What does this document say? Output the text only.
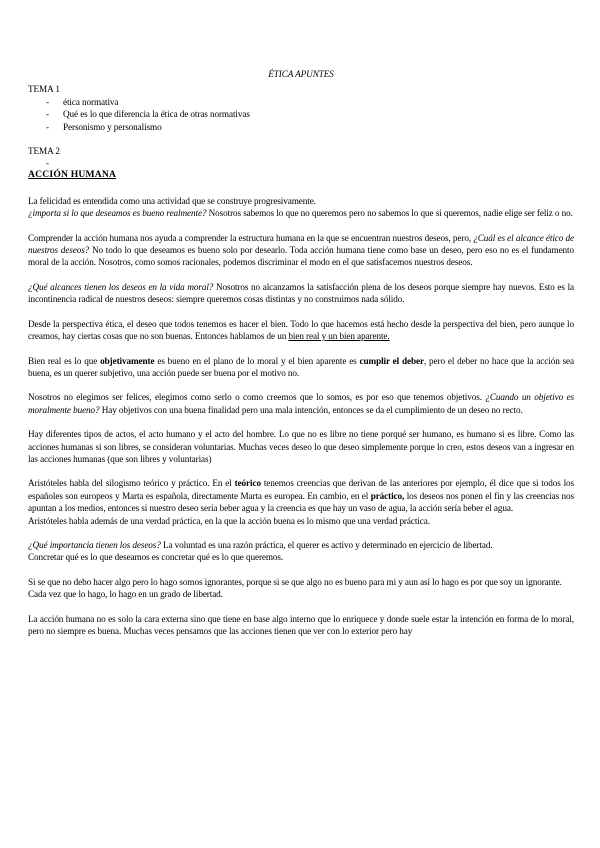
ÉTICA APUNTES
TEMA 1
- ética normativa
- Qué es lo que diferencia la ética de otras normativas
- Personismo y personalismo
TEMA 2
ACCIÓN HUMANA

La felicidad es entendida como una actividad que se construye progresivamente.
¿importa si lo que deseamos es bueno realmente? Nosotros sabemos lo que no queremos pero no sabemos lo que sí queremos, nadie elige ser feliz o no.

Comprender la acción humana nos ayuda a comprender la estructura humana en la que se encuentran nuestros deseos, pero, ¿Cuál es el alcance ético de nuestros deseos? No todo lo que deseamos es bueno solo por desearlo. Toda acción humana tiene como base un deseo, pero eso no es el fundamento moral de la acción. Nosotros, como somos racionales, podemos discriminar el modo en el que satisfacemos nuestros deseos.

¿Qué alcances tienen los deseos en la vida moral? Nosotros no alcanzamos la satisfacción plena de los deseos porque siempre hay nuevos. Esto es la incontinencia radical de nuestros deseos: siempre queremos cosas distintas y no construimos nada sólido.

Desde la perspectiva ética, el deseo que todos tenemos es hacer el bien. Todo lo que hacemos está hecho desde la perspectiva del bien, pero aunque lo creamos, hay ciertas cosas que no son buenas. Entonces hablamos de un bien real y un bien aparente.

Bien real es lo que objetivamente es bueno en el plano de lo moral y el bien aparente es cumplir el deber, pero el deber no hace que la acción sea buena, es un querer subjetivo, una acción puede ser buena por el motivo no.

Nosotros no elegimos ser felices, elegimos como serlo o como creemos que lo somos, es por eso que tenemos objetivos. ¿Cuando un objetivo es moralmente bueno? Hay objetivos con una buena finalidad pero una mala intención, entonces se da el cumplimiento de un deseo no recto.

Hay diferentes tipos de actos, el acto humano y el acto del hombre. Lo que no es libre no tiene porqué ser humano, es humano si es libre. Como las acciones humanas si son libres, se consideran voluntarias. Muchas veces deseo lo que deseo simplemente porque lo creo, estos deseos van a ingresar en las acciones humanas (que son libres y voluntarias)

Aristóteles habla del silogismo teórico y práctico. En el teórico tenemos creencias que derivan de las anteriores por ejemplo, él dice que si todos los españoles son europeos y Marta es española, directamente Marta es europea. En cambio, en el práctico, los deseos nos ponen el fin y las creencias nos apuntan a los medios, entonces si nuestro deseo sería beber agua y la creencia es que hay un vaso de agua, la acción sería beber el agua.
Aristóteles habla además de una verdad práctica, en la que la acción buena es lo mismo que una verdad práctica.

¿Qué importancia tienen los deseos? La voluntad es una razón práctica, el querer es activo y determinado en ejercicio de libertad.
Concretar qué es lo que deseamos es concretar qué es lo que queremos.

Si se que no debo hacer algo pero lo hago somos ignorantes, porque si se que algo no es bueno para mi y aun así lo hago es por que soy un ignorante.
Cada vez que lo hago, lo hago en un grado de libertad.

La acción humana no es solo la cara externa sino que tiene en base algo interno que lo enriquece y donde suele estar la intención en forma de lo moral, pero no siempre es buena. Muchas veces pensamos que las acciones tienen que ver con lo exterior pero hay
